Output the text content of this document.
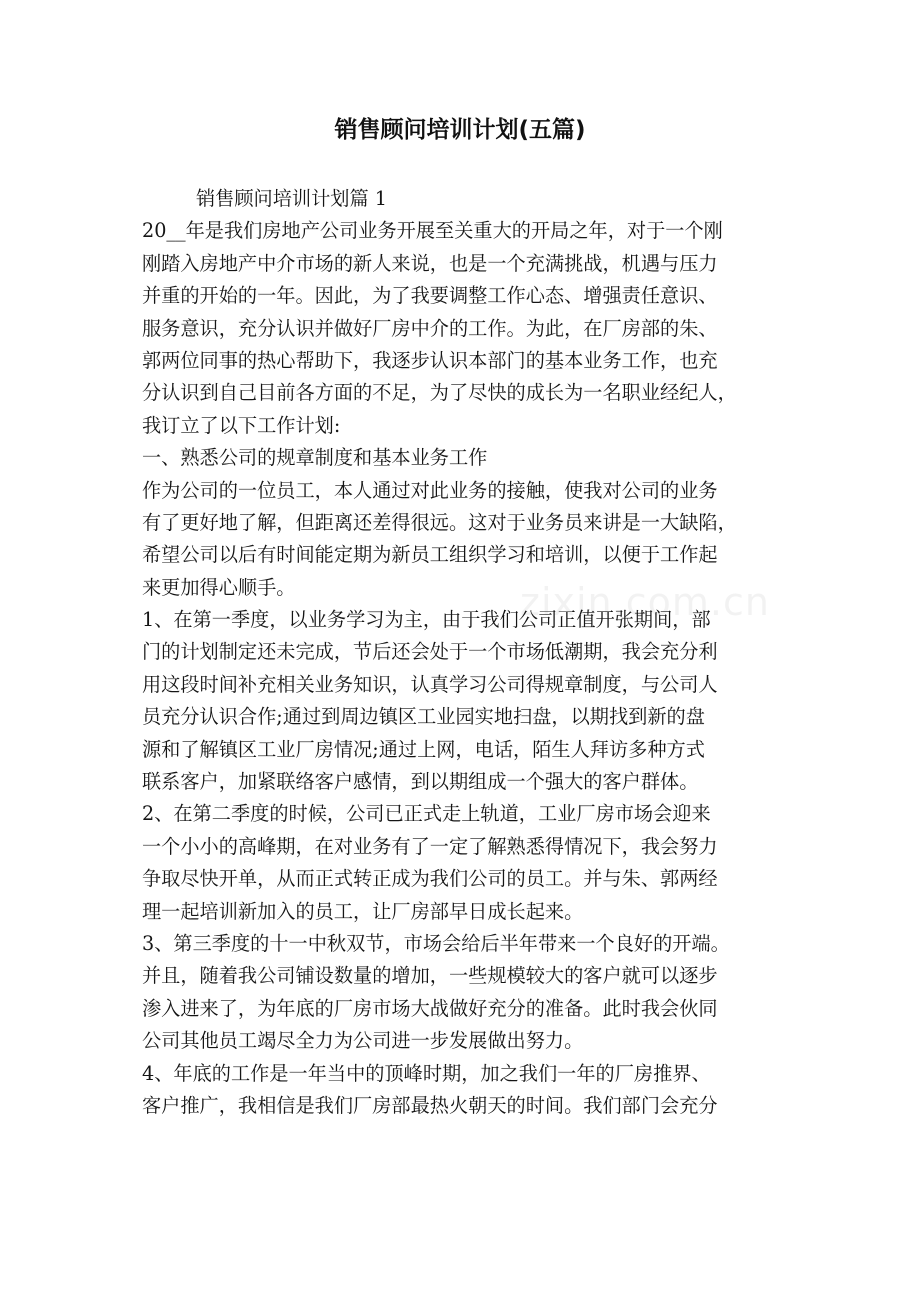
销售顾问培训计划(五篇)
zixin.com.cn
销售顾问培训计划篇 1
20__年是我们房地产公司业务开展至关重大的开局之年，对于一个刚
刚踏入房地产中介市场的新人来说，也是一个充满挑战，机遇与压力
并重的开始的一年。因此，为了我要调整工作心态、增强责任意识、
服务意识，充分认识并做好厂房中介的工作。为此，在厂房部的朱、
郭两位同事的热心帮助下，我逐步认识本部门的基本业务工作，也充
分认识到自己目前各方面的不足，为了尽快的成长为一名职业经纪人，
我订立了以下工作计划:
一、熟悉公司的规章制度和基本业务工作
作为公司的一位员工，本人通过对此业务的接触，使我对公司的业务
有了更好地了解，但距离还差得很远。这对于业务员来讲是一大缺陷，
希望公司以后有时间能定期为新员工组织学习和培训，以便于工作起
来更加得心顺手。
1、在第一季度，以业务学习为主，由于我们公司正值开张期间，部
门的计划制定还未完成，节后还会处于一个市场低潮期，我会充分利
用这段时间补充相关业务知识，认真学习公司得规章制度，与公司人
员充分认识合作;通过到周边镇区工业园实地扫盘，以期找到新的盘
源和了解镇区工业厂房情况;通过上网，电话，陌生人拜访多种方式
联系客户，加紧联络客户感情，到以期组成一个强大的客户群体。
2、在第二季度的时候，公司已正式走上轨道，工业厂房市场会迎来
一个小小的高峰期，在对业务有了一定了解熟悉得情况下，我会努力
争取尽快开单，从而正式转正成为我们公司的员工。并与朱、郭两经
理一起培训新加入的员工，让厂房部早日成长起来。
3、第三季度的十一中秋双节，市场会给后半年带来一个良好的开端。
并且，随着我公司铺设数量的增加，一些规模较大的客户就可以逐步
渗入进来了，为年底的厂房市场大战做好充分的准备。此时我会伙同
公司其他员工竭尽全力为公司进一步发展做出努力。
4、年底的工作是一年当中的顶峰时期，加之我们一年的厂房推界、
客户推广，我相信是我们厂房部最热火朝天的时间。我们部门会充分
